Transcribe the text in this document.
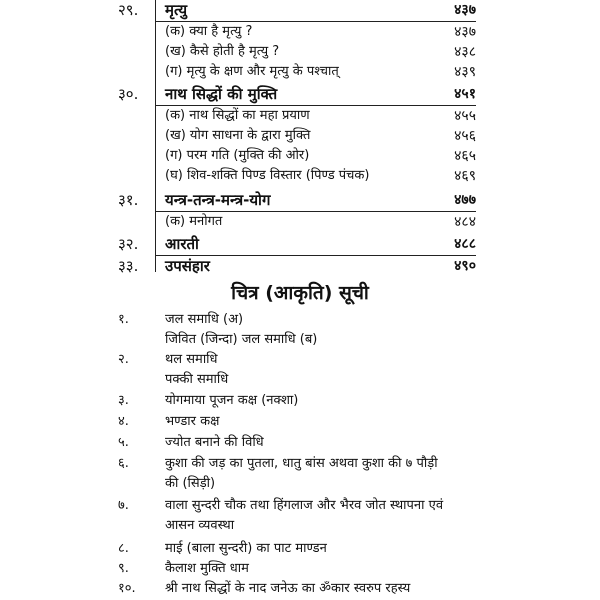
२९. मृत्यु	४३७
(क) क्या है मृत्यु ?	४३७
(ख) कैसे होती है मृत्यु ?	४३८
(ग) मृत्यु के क्षण और मृत्यु के पश्चात्	४३९
३०. नाथ सिद्धों की मुक्ति	४५१
(क) नाथ सिद्धों का महा प्रयाण	४५५
(ख) योग साधना के द्वारा मुक्ति	४५६
(ग) परम गति (मुक्ति की ओर)	४६५
(घ) शिव-शक्ति पिण्ड विस्तार (पिण्ड पंचक)	४६९
३१. यन्त्र-तन्त्र-मन्त्र-योग	४७७
(क) मनोगत	४८४
३२. आरती	४८८
३३. उपसंहार	४९०
चित्र (आकृति) सूची
१.	जल समाधि (अ)
जिवित (जिन्दा) जल समाधि (ब)
२.	थल समाधि
पक्की समाधि
३.	योगमाया पूजन कक्ष (नक्शा)
४.	भण्डार कक्ष
५.	ज्योत बनाने की विधि
६.	कुशा की जड़ का पुतला, धातु बांस अथवा कुशा की ७ पौड़ी
की (सिड़ी)
७.	वाला सुन्दरी चौक तथा हिंगलाज और भैरव जोत स्थापना एवं
आसन व्यवस्था
८.	माई (बाला सुन्दरी) का पाट माण्डन
९.	कैलाश मुक्ति धाम
१०. श्री नाथ सिद्धों के नाद जनेऊ का ॐकार स्वरुप रहस्य
